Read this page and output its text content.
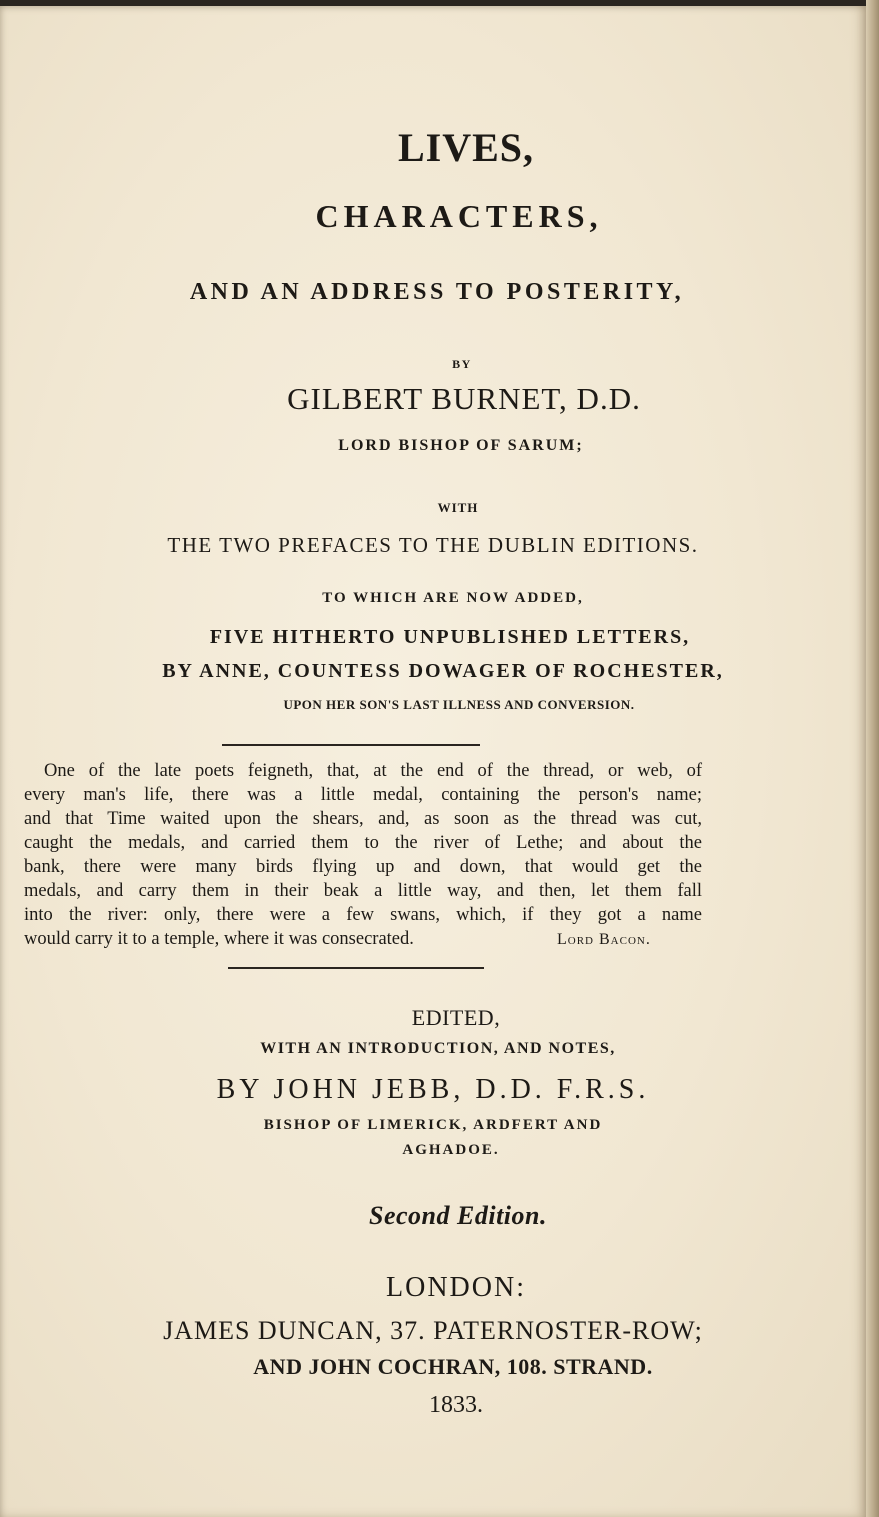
LIVES,
CHARACTERS,
AND AN ADDRESS TO POSTERITY,
BY
GILBERT BURNET, D.D.
LORD BISHOP OF SARUM;
WITH
THE TWO PREFACES TO THE DUBLIN EDITIONS.
TO WHICH ARE NOW ADDED,
FIVE HITHERTO UNPUBLISHED LETTERS,
BY ANNE, COUNTESS DOWAGER OF ROCHESTER,
UPON HER SON'S LAST ILLNESS AND CONVERSION.
One of the late poets feigneth, that, at the end of the thread, or web, of
every man's life, there was a little medal, containing the person's name;
and that Time waited upon the shears, and, as soon as the thread was cut,
caught the medals, and carried them to the river of Lethe; and about the
bank, there were many birds flying up and down, that would get the
medals, and carry them in their beak a little way, and then, let them fall
into the river: only, there were a few swans, which, if they got a name
would carry it to a temple, where it was consecrated.	Lord Bacon.
EDITED,
WITH AN INTRODUCTION, AND NOTES,
BY JOHN JEBB, D.D. F.R.S.
BISHOP OF LIMERICK, ARDFERT AND
AGHADOE.
Second Edition.
LONDON:
JAMES DUNCAN, 37. PATERNOSTER-ROW;
AND JOHN COCHRAN, 108. STRAND.
1833.
